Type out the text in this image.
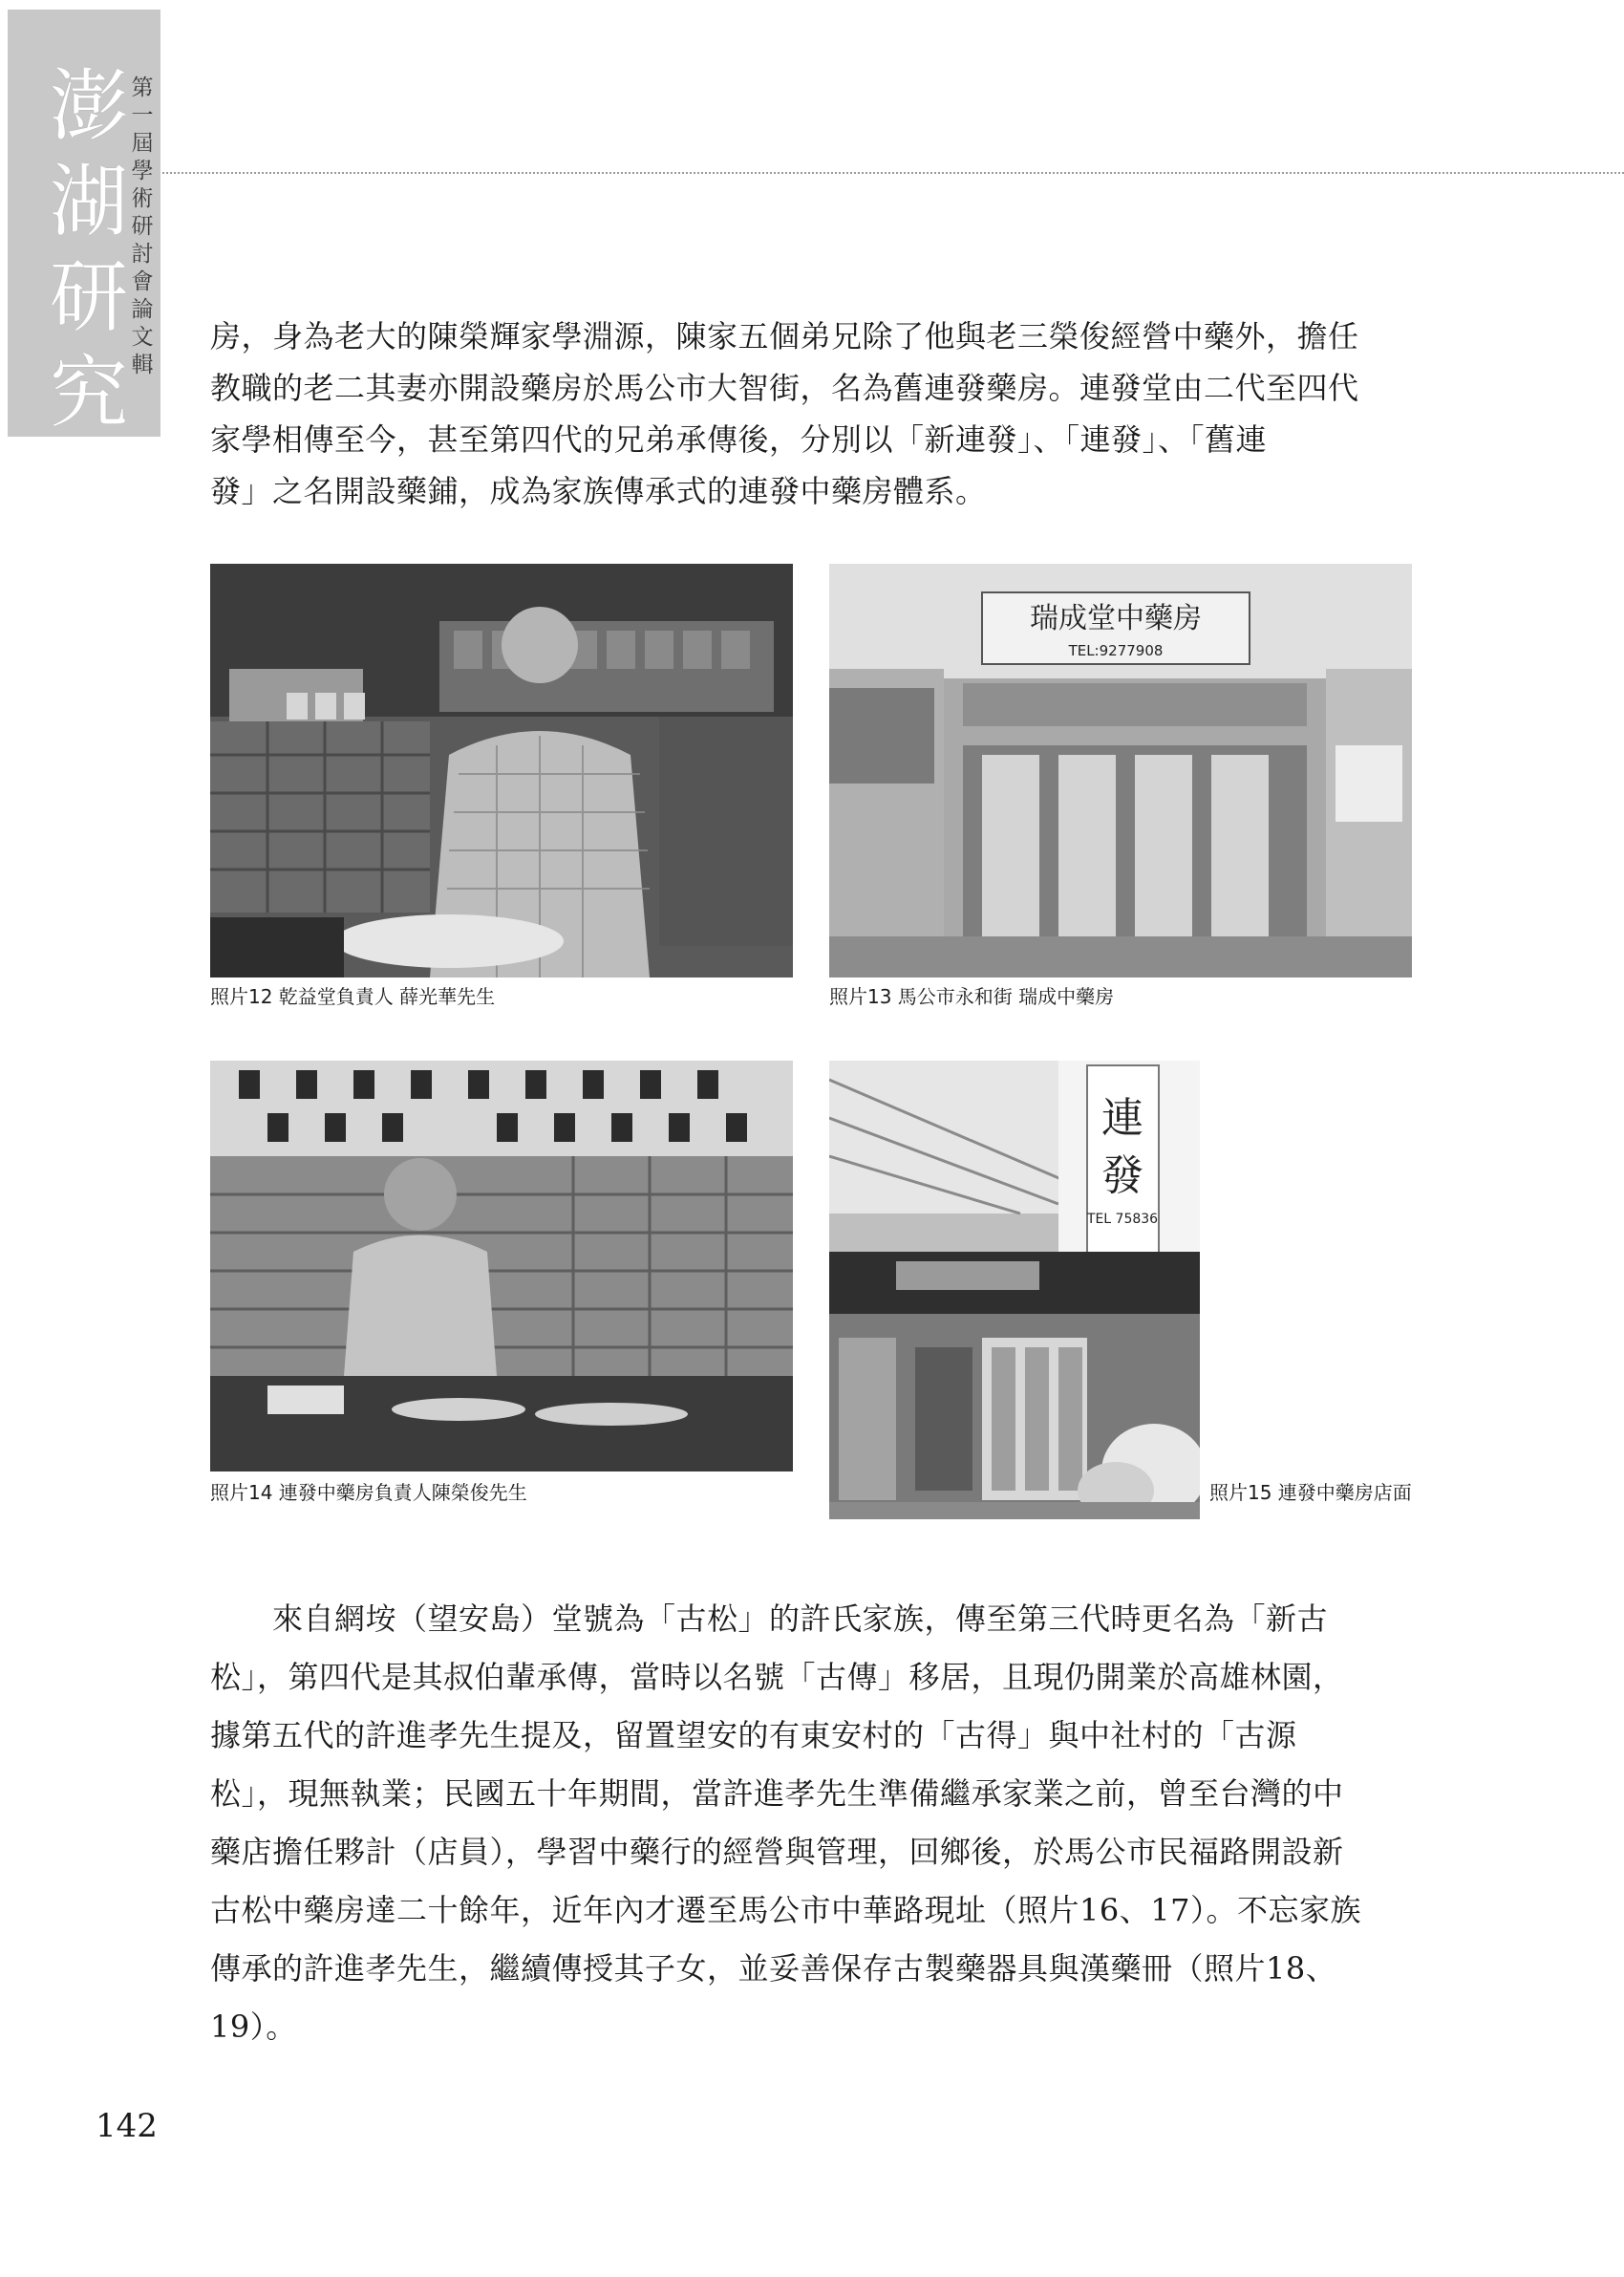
澎
湖
研
究
第
一
屆
學
術
研
討
會
論
文
輯

房，身為老大的陳榮輝家學淵源，陳家五個弟兄除了他與老三榮俊經營中藥外，擔任
教職的老二其妻亦開設藥房於馬公市大智街，名為舊連發藥房。連發堂由二代至四代
家學相傳至今，甚至第四代的兄弟承傳後，分別以「新連發」、「連發」、「舊連
發」之名開設藥鋪，成為家族傳承式的連發中藥房體系。

照片12 乾益堂負責人 薛光華先生
瑞成堂中藥房
TEL:9277908
照片13 馬公市永和街 瑞成中藥房
照片14 連發中藥房負責人陳榮俊先生
連
發
TEL 75836
照片15 連發中藥房店面

　　來自網垵（望安島）堂號為「古松」的許氏家族，傳至第三代時更名為「新古
松」，第四代是其叔伯輩承傳，當時以名號「古傳」移居，且現仍開業於高雄林園，
據第五代的許進孝先生提及，留置望安的有東安村的「古得」與中社村的「古源
松」，現無執業；民國五十年期間，當許進孝先生準備繼承家業之前，曾至台灣的中
藥店擔任夥計（店員），學習中藥行的經營與管理，回鄉後，於馬公市民福路開設新
古松中藥房達二十餘年，近年內才遷至馬公市中華路現址（照片16、17）。不忘家族
傳承的許進孝先生，繼續傳授其子女，並妥善保存古製藥器具與漢藥冊（照片18、
19）。

142
